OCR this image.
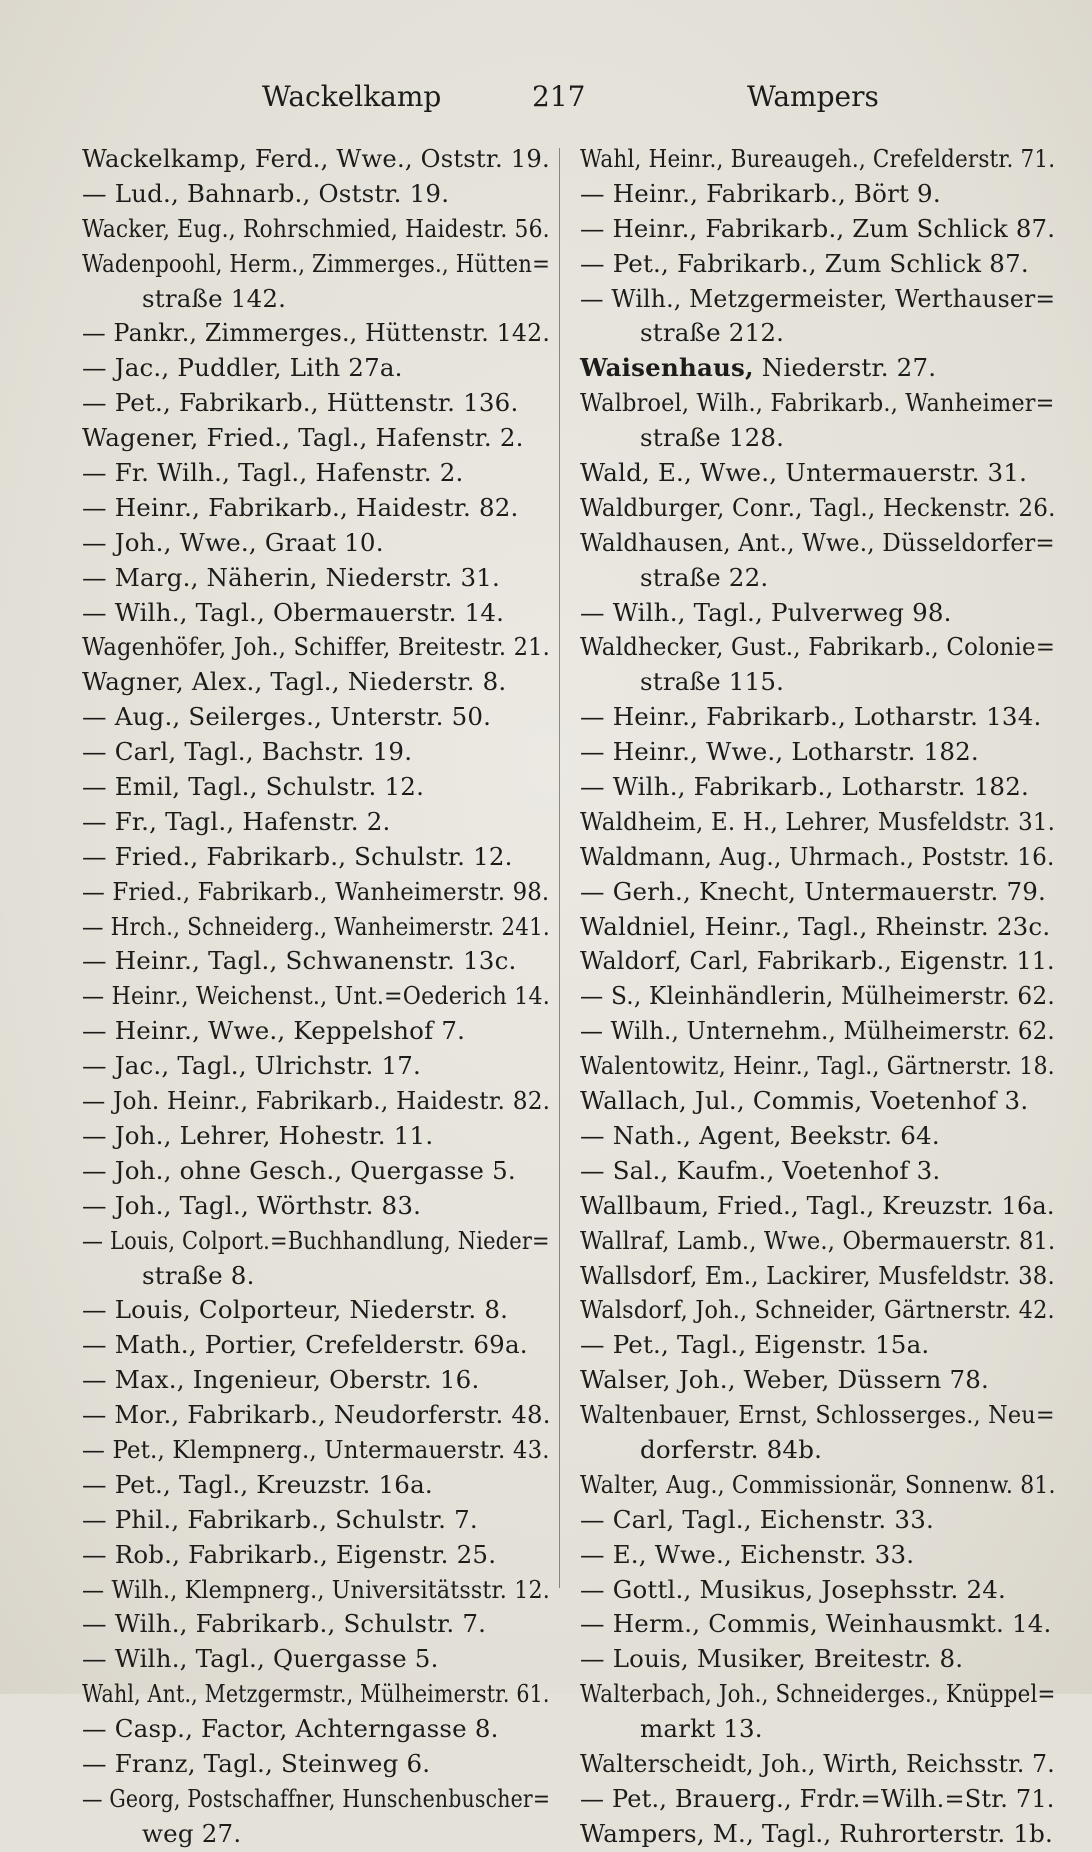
Wackelkamp	217	Wampers
Wackelkamp, Ferd., Wwe., Oststr. 19.
— Lud., Bahnarb., Oststr. 19.
Wacker, Eug., Rohrschmied, Haidestr. 56.
Wadenpoohl, Herm., Zimmerges., Hütten=
straße 142.
— Pankr., Zimmerges., Hüttenstr. 142.
— Jac., Puddler, Lith 27a.
— Pet., Fabrikarb., Hüttenstr. 136.
Wagener, Fried., Tagl., Hafenstr. 2.
— Fr. Wilh., Tagl., Hafenstr. 2.
— Heinr., Fabrikarb., Haidestr. 82.
— Joh., Wwe., Graat 10.
— Marg., Näherin, Niederstr. 31.
— Wilh., Tagl., Obermauerstr. 14.
Wagenhöfer, Joh., Schiffer, Breitestr. 21.
Wagner, Alex., Tagl., Niederstr. 8.
— Aug., Seilerges., Unterstr. 50.
— Carl, Tagl., Bachstr. 19.
— Emil, Tagl., Schulstr. 12.
— Fr., Tagl., Hafenstr. 2.
— Fried., Fabrikarb., Schulstr. 12.
— Fried., Fabrikarb., Wanheimerstr. 98.
— Hrch., Schneiderg., Wanheimerstr. 241.
— Heinr., Tagl., Schwanenstr. 13c.
— Heinr., Weichenst., Unt.=Oederich 14.
— Heinr., Wwe., Keppelshof 7.
— Jac., Tagl., Ulrichstr. 17.
— Joh. Heinr., Fabrikarb., Haidestr. 82.
— Joh., Lehrer, Hohestr. 11.
— Joh., ohne Gesch., Quergasse 5.
— Joh., Tagl., Wörthstr. 83.
— Louis, Colport.=Buchhandlung, Nieder=
straße 8.
— Louis, Colporteur, Niederstr. 8.
— Math., Portier, Crefelderstr. 69a.
— Max., Ingenieur, Oberstr. 16.
— Mor., Fabrikarb., Neudorferstr. 48.
— Pet., Klempnerg., Untermauerstr. 43.
— Pet., Tagl., Kreuzstr. 16a.
— Phil., Fabrikarb., Schulstr. 7.
— Rob., Fabrikarb., Eigenstr. 25.
— Wilh., Klempnerg., Universitätsstr. 12.
— Wilh., Fabrikarb., Schulstr. 7.
— Wilh., Tagl., Quergasse 5.
Wahl, Ant., Metzgermstr., Mülheimerstr. 61.
— Casp., Factor, Achterngasse 8.
— Franz, Tagl., Steinweg 6.
— Georg, Postschaffner, Hunschenbuscher=
weg 27.
Wahl, Heinr., Bureaugeh., Crefelderstr. 71.
— Heinr., Fabrikarb., Bört 9.
— Heinr., Fabrikarb., Zum Schlick 87.
— Pet., Fabrikarb., Zum Schlick 87.
— Wilh., Metzgermeister, Werthauser=
straße 212.
Waisenhaus, Niederstr. 27.
Walbroel, Wilh., Fabrikarb., Wanheimer=
straße 128.
Wald, E., Wwe., Untermauerstr. 31.
Waldburger, Conr., Tagl., Heckenstr. 26.
Waldhausen, Ant., Wwe., Düsseldorfer=
straße 22.
— Wilh., Tagl., Pulverweg 98.
Waldhecker, Gust., Fabrikarb., Colonie=
straße 115.
— Heinr., Fabrikarb., Lotharstr. 134.
— Heinr., Wwe., Lotharstr. 182.
— Wilh., Fabrikarb., Lotharstr. 182.
Waldheim, E. H., Lehrer, Musfeldstr. 31.
Waldmann, Aug., Uhrmach., Poststr. 16.
— Gerh., Knecht, Untermauerstr. 79.
Waldniel, Heinr., Tagl., Rheinstr. 23c.
Waldorf, Carl, Fabrikarb., Eigenstr. 11.
— S., Kleinhändlerin, Mülheimerstr. 62.
— Wilh., Unternehm., Mülheimerstr. 62.
Walentowitz, Heinr., Tagl., Gärtnerstr. 18.
Wallach, Jul., Commis, Voetenhof 3.
— Nath., Agent, Beekstr. 64.
— Sal., Kaufm., Voetenhof 3.
Wallbaum, Fried., Tagl., Kreuzstr. 16a.
Wallraf, Lamb., Wwe., Obermauerstr. 81.
Wallsdorf, Em., Lackirer, Musfeldstr. 38.
Walsdorf, Joh., Schneider, Gärtnerstr. 42.
— Pet., Tagl., Eigenstr. 15a.
Walser, Joh., Weber, Düssern 78.
Waltenbauer, Ernst, Schlosserges., Neu=
dorferstr. 84b.
Walter, Aug., Commissionär, Sonnenw. 81.
— Carl, Tagl., Eichenstr. 33.
— E., Wwe., Eichenstr. 33.
— Gottl., Musikus, Josephsstr. 24.
— Herm., Commis, Weinhausmkt. 14.
— Louis, Musiker, Breitestr. 8.
Walterbach, Joh., Schneiderges., Knüppel=
markt 13.
Walterscheidt, Joh., Wirth, Reichsstr. 7.
— Pet., Brauerg., Frdr.=Wilh.=Str. 71.
Wampers, M., Tagl., Ruhrorterstr. 1b.
